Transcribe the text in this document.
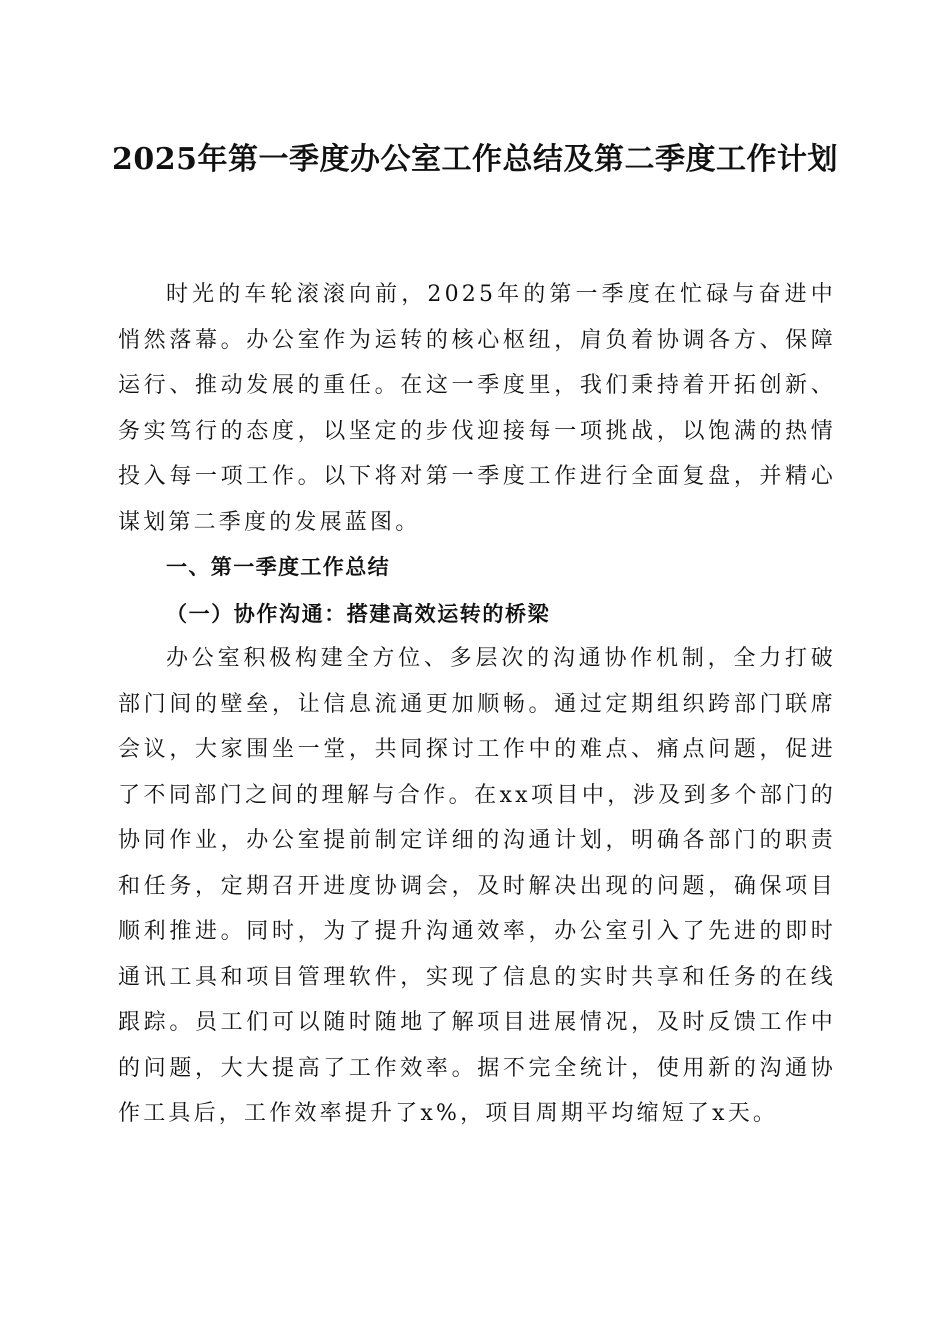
2025年第一季度办公室工作总结及第二季度工作计划

时光的车轮滚滚向前，2025年的第一季度在忙碌与奋进中悄然落幕。办公室作为运转的核心枢纽，肩负着协调各方、保障运行、推动发展的重任。在这一季度里，我们秉持着开拓创新、务实笃行的态度，以坚定的步伐迎接每一项挑战，以饱满的热情投入每一项工作。以下将对第一季度工作进行全面复盘，并精心谋划第二季度的发展蓝图。

一、第一季度工作总结

（一）协作沟通：搭建高效运转的桥梁

办公室积极构建全方位、多层次的沟通协作机制，全力打破部门间的壁垒，让信息流通更加顺畅。通过定期组织跨部门联席会议，大家围坐一堂，共同探讨工作中的难点、痛点问题，促进了不同部门之间的理解与合作。在xx项目中，涉及到多个部门的协同作业，办公室提前制定详细的沟通计划，明确各部门的职责和任务，定期召开进度协调会，及时解决出现的问题，确保项目顺利推进。同时，为了提升沟通效率，办公室引入了先进的即时通讯工具和项目管理软件，实现了信息的实时共享和任务的在线跟踪。员工们可以随时随地了解项目进展情况，及时反馈工作中的问题，大大提高了工作效率。据不完全统计，使用新的沟通协作工具后，工作效率提升了x%，项目周期平均缩短了x天。
